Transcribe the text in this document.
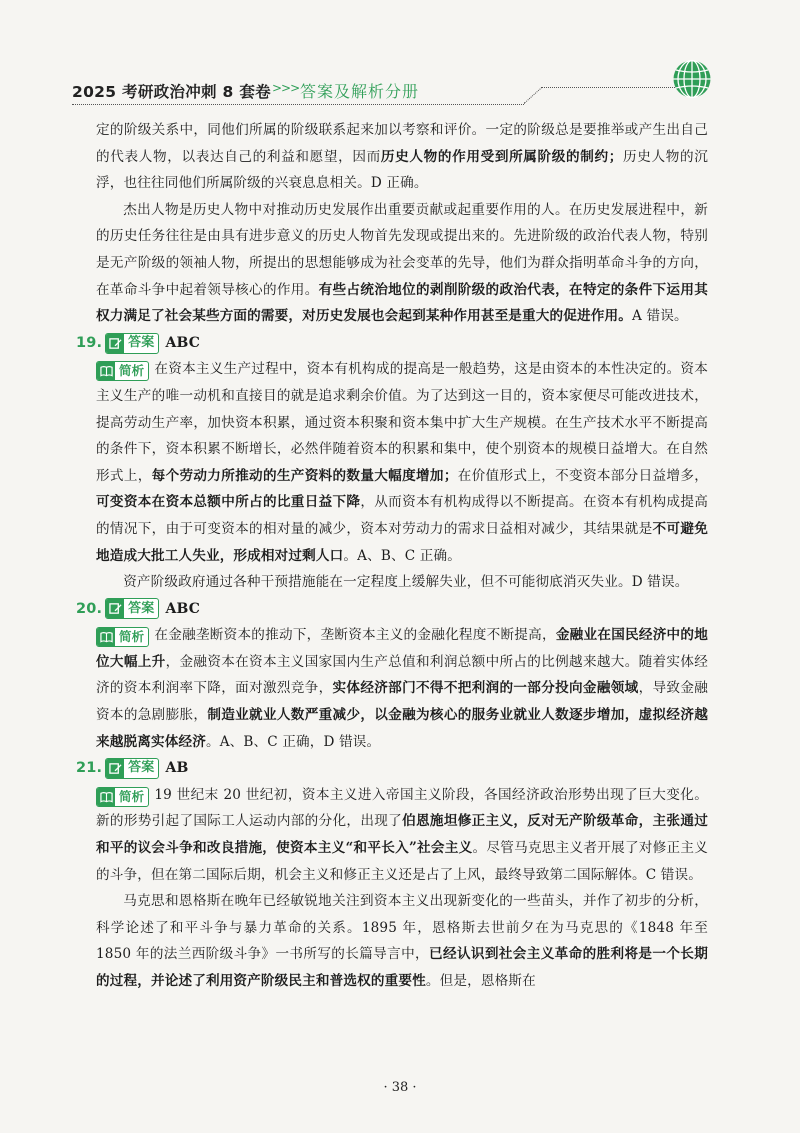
2025 考研政治冲刺 8 套卷 >>> 答案及解析分册

定的阶级关系中，同他们所属的阶级联系起来加以考察和评价。一定的阶级总是要推举或产生出自己的代表人物，以表达自己的利益和愿望，因而历史人物的作用受到所属阶级的制约；历史人物的沉浮，也往往同他们所属阶级的兴衰息息相关。D 正确。

杰出人物是历史人物中对推动历史发展作出重要贡献或起重要作用的人。在历史发展进程中，新的历史任务往往是由具有进步意义的历史人物首先发现或提出来的。先进阶级的政治代表人物，特别是无产阶级的领袖人物，所提出的思想能够成为社会变革的先导，他们为群众指明革命斗争的方向，在革命斗争中起着领导核心的作用。有些占统治地位的剥削阶级的政治代表，在特定的条件下运用其权力满足了社会某些方面的需要，对历史发展也会起到某种作用甚至是重大的促进作用。A 错误。

19.	答案 ABC

简析 在资本主义生产过程中，资本有机构成的提高是一般趋势，这是由资本的本性决定的。资本主义生产的唯一动机和直接目的就是追求剩余价值。为了达到这一目的，资本家便尽可能改进技术，提高劳动生产率，加快资本积累，通过资本积聚和资本集中扩大生产规模。在生产技术水平不断提高的条件下，资本积累不断增长，必然伴随着资本的积累和集中，使个别资本的规模日益增大。在自然形式上，每个劳动力所推动的生产资料的数量大幅度增加；在价值形式上，不变资本部分日益增多，可变资本在资本总额中所占的比重日益下降，从而资本有机构成得以不断提高。在资本有机构成提高的情况下，由于可变资本的相对量的减少，资本对劳动力的需求日益相对减少，其结果就是不可避免地造成大批工人失业，形成相对过剩人口。A、B、C 正确。

资产阶级政府通过各种干预措施能在一定程度上缓解失业，但不可能彻底消灭失业。D 错误。

20.	答案 ABC

简析 在金融垄断资本的推动下，垄断资本主义的金融化程度不断提高，金融业在国民经济中的地位大幅上升，金融资本在资本主义国家国内生产总值和利润总额中所占的比例越来越大。随着实体经济的资本利润率下降，面对激烈竞争，实体经济部门不得不把利润的一部分投向金融领域，导致金融资本的急剧膨胀，制造业就业人数严重减少，以金融为核心的服务业就业人数逐步增加，虚拟经济越来越脱离实体经济。A、B、C 正确，D 错误。

21.	答案 AB

简析 19 世纪末 20 世纪初，资本主义进入帝国主义阶段，各国经济政治形势出现了巨大变化。新的形势引起了国际工人运动内部的分化，出现了伯恩施坦修正主义，反对无产阶级革命，主张通过和平的议会斗争和改良措施，使资本主义“和平长入”社会主义。尽管马克思主义者开展了对修正主义的斗争，但在第二国际后期，机会主义和修正主义还是占了上风，最终导致第二国际解体。C 错误。

马克思和恩格斯在晚年已经敏锐地关注到资本主义出现新变化的一些苗头，并作了初步的分析，科学论述了和平斗争与暴力革命的关系。1895 年，恩格斯去世前夕在为马克思的《1848 年至 1850 年的法兰西阶级斗争》一书所写的长篇导言中，已经认识到社会主义革命的胜利将是一个长期的过程，并论述了利用资产阶级民主和普选权的重要性。但是，恩格斯在

· 38 ·
